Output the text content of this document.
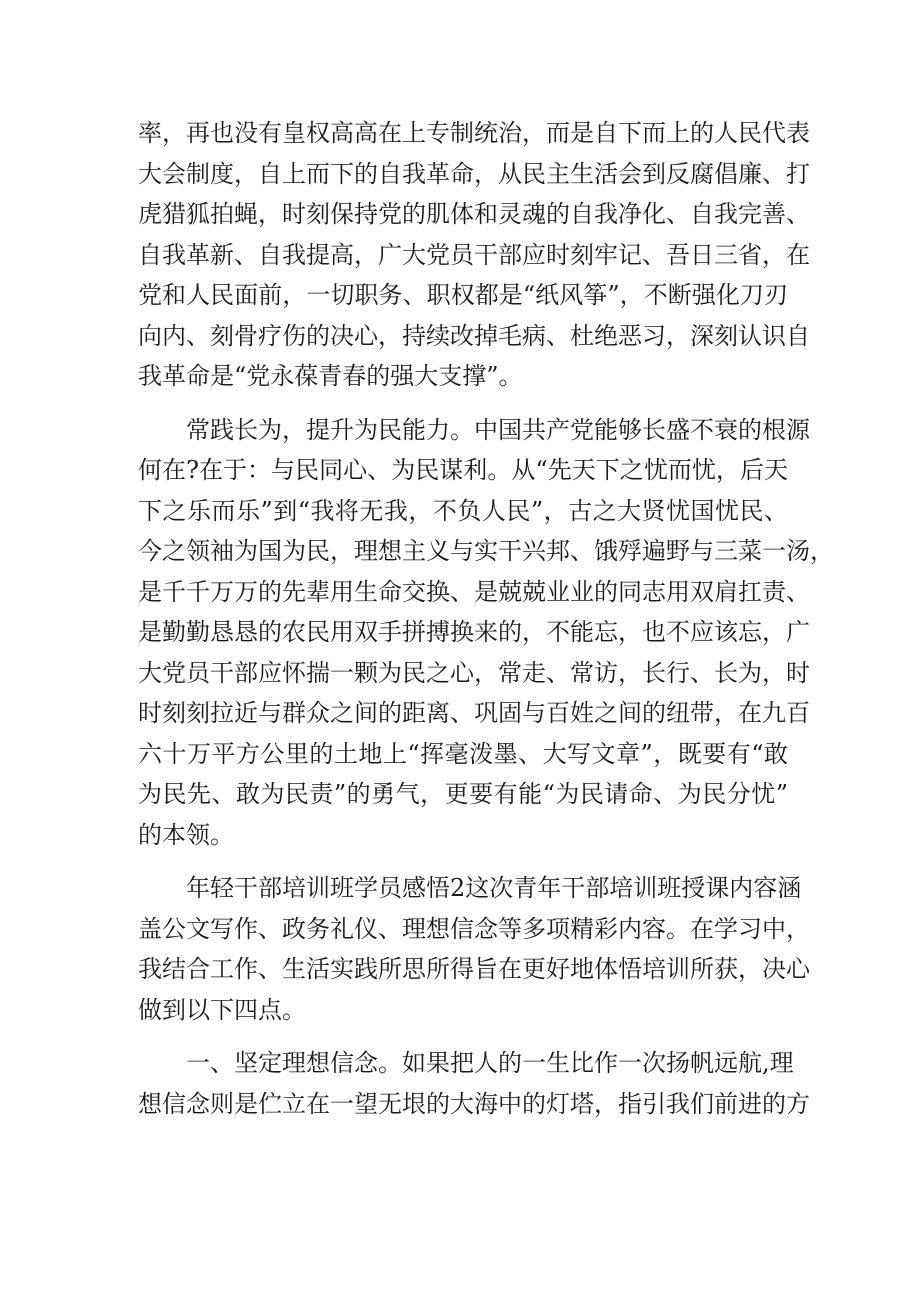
率，再也没有皇权高高在上专制统治，而是自下而上的人民代表
大会制度，自上而下的自我革命，从民主生活会到反腐倡廉、打
虎猎狐拍蝇，时刻保持党的肌体和灵魂的自我净化、自我完善、
自我革新、自我提高，广大党员干部应时刻牢记、吾日三省，在
党和人民面前，一切职务、职权都是“纸风筝”，不断强化刀刃
向内、刻骨疗伤的决心，持续改掉毛病、杜绝恶习，深刻认识自
我革命是“党永葆青春的强大支撑”。
常践长为，提升为民能力。中国共产党能够长盛不衰的根源
何在?在于：与民同心、为民谋利。从“先天下之忧而忧，后天
下之乐而乐”到“我将无我，不负人民”，古之大贤忧国忧民、
今之领袖为国为民，理想主义与实干兴邦、饿殍遍野与三菜一汤，
是千千万万的先辈用生命交换、是兢兢业业的同志用双肩扛责、
是勤勤恳恳的农民用双手拼搏换来的，不能忘，也不应该忘，广
大党员干部应怀揣一颗为民之心，常走、常访，长行、长为，时
时刻刻拉近与群众之间的距离、巩固与百姓之间的纽带，在九百
六十万平方公里的土地上“挥毫泼墨、大写文章”，既要有“敢
为民先、敢为民责”的勇气，更要有能“为民请命、为民分忧”
的本领。
年轻干部培训班学员感悟2这次青年干部培训班授课内容涵
盖公文写作、政务礼仪、理想信念等多项精彩内容。在学习中，
我结合工作、生活实践所思所得旨在更好地体悟培训所获，决心
做到以下四点。
一、坚定理想信念。如果把人的一生比作一次扬帆远航,理
想信念则是伫立在一望无垠的大海中的灯塔，指引我们前进的方
